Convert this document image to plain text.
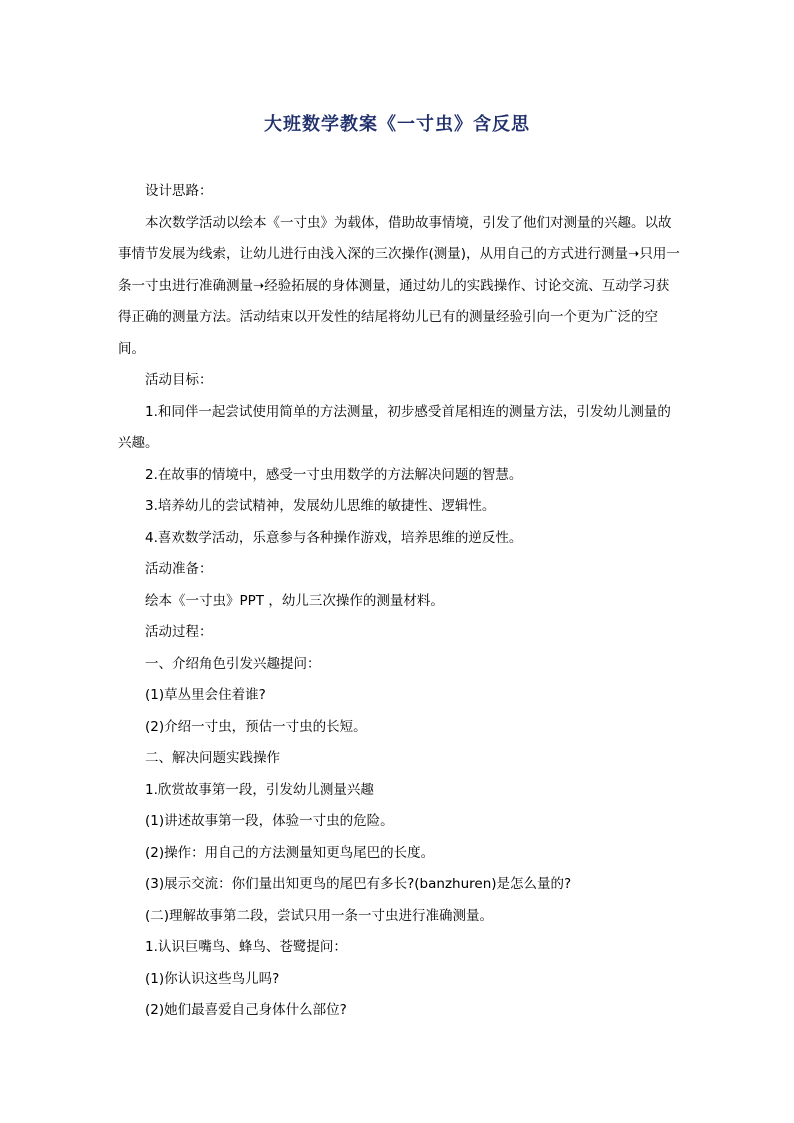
大班数学教案《一寸虫》含反思

设计思路：

本次数学活动以绘本《一寸虫》为载体，借助故事情境，引发了他们对测量的兴趣。以故事情节发展为线索，让幼儿进行由浅入深的三次操作(测量)，从用自己的方式进行测量➝只用一条一寸虫进行准确测量➝经验拓展的身体测量，通过幼儿的实践操作、讨论交流、互动学习获得正确的测量方法。活动结束以开发性的结尾将幼儿已有的测量经验引向一个更为广泛的空间。

活动目标：

1.和同伴一起尝试使用简单的方法测量，初步感受首尾相连的测量方法，引发幼儿测量的兴趣。

2.在故事的情境中，感受一寸虫用数学的方法解决问题的智慧。

3.培养幼儿的尝试精神，发展幼儿思维的敏捷性、逻辑性。

4.喜欢数学活动，乐意参与各种操作游戏，培养思维的逆反性。

活动准备：

绘本《一寸虫》PPT ，幼儿三次操作的测量材料。

活动过程：

一、介绍角色引发兴趣提问：

(1)草丛里会住着谁?

(2)介绍一寸虫，预估一寸虫的长短。

二、解决问题实践操作

1.欣赏故事第一段，引发幼儿测量兴趣

(1)讲述故事第一段，体验一寸虫的危险。

(2)操作：用自己的方法测量知更鸟尾巴的长度。

(3)展示交流：你们量出知更鸟的尾巴有多长?(banzhuren)是怎么量的?

(二)理解故事第二段，尝试只用一条一寸虫进行准确测量。

1.认识巨嘴鸟、蜂鸟、苍鹭提问：

(1)你认识这些鸟儿吗?

(2)她们最喜爱自己身体什么部位?
